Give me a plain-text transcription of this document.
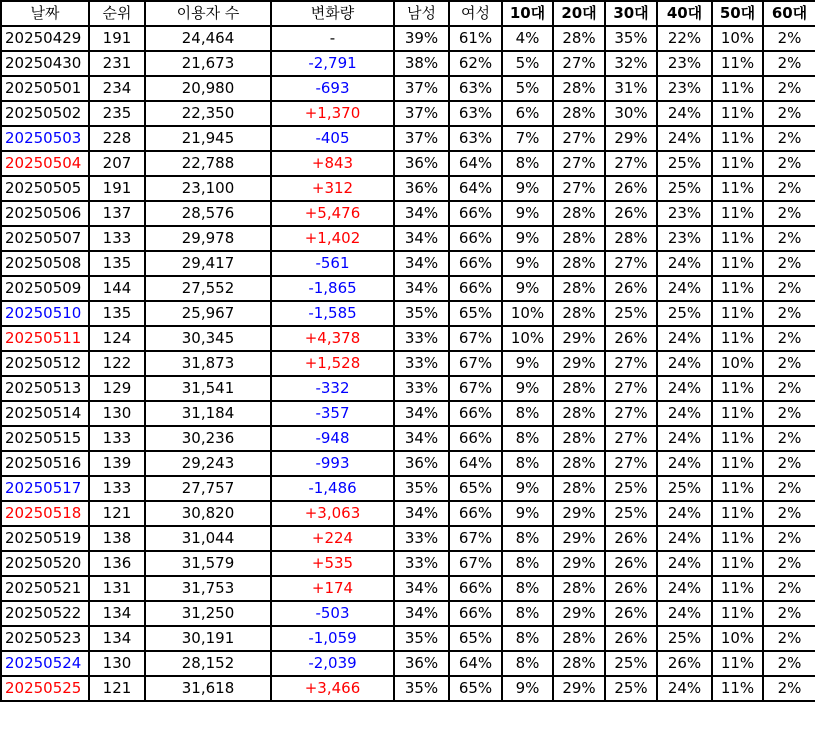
날짜	순위	이용자 수	변화량	남성	여성	10대	20대	30대	40대	50대	60대
20250429	191	24,464	-	39%	61%	4%	28%	35%	22%	10%	2%
20250430	231	21,673	-2,791	38%	62%	5%	27%	32%	23%	11%	2%
20250501	234	20,980	-693	37%	63%	5%	28%	31%	23%	11%	2%
20250502	235	22,350	+1,370	37%	63%	6%	28%	30%	24%	11%	2%
20250503	228	21,945	-405	37%	63%	7%	27%	29%	24%	11%	2%
20250504	207	22,788	+843	36%	64%	8%	27%	27%	25%	11%	2%
20250505	191	23,100	+312	36%	64%	9%	27%	26%	25%	11%	2%
20250506	137	28,576	+5,476	34%	66%	9%	28%	26%	23%	11%	2%
20250507	133	29,978	+1,402	34%	66%	9%	28%	28%	23%	11%	2%
20250508	135	29,417	-561	34%	66%	9%	28%	27%	24%	11%	2%
20250509	144	27,552	-1,865	34%	66%	9%	28%	26%	24%	11%	2%
20250510	135	25,967	-1,585	35%	65%	10%	28%	25%	25%	11%	2%
20250511	124	30,345	+4,378	33%	67%	10%	29%	26%	24%	11%	2%
20250512	122	31,873	+1,528	33%	67%	9%	29%	27%	24%	10%	2%
20250513	129	31,541	-332	33%	67%	9%	28%	27%	24%	11%	2%
20250514	130	31,184	-357	34%	66%	8%	28%	27%	24%	11%	2%
20250515	133	30,236	-948	34%	66%	8%	28%	27%	24%	11%	2%
20250516	139	29,243	-993	36%	64%	8%	28%	27%	24%	11%	2%
20250517	133	27,757	-1,486	35%	65%	9%	28%	25%	25%	11%	2%
20250518	121	30,820	+3,063	34%	66%	9%	29%	25%	24%	11%	2%
20250519	138	31,044	+224	33%	67%	8%	29%	26%	24%	11%	2%
20250520	136	31,579	+535	33%	67%	8%	29%	26%	24%	11%	2%
20250521	131	31,753	+174	34%	66%	8%	28%	26%	24%	11%	2%
20250522	134	31,250	-503	34%	66%	8%	29%	26%	24%	11%	2%
20250523	134	30,191	-1,059	35%	65%	8%	28%	26%	25%	10%	2%
20250524	130	28,152	-2,039	36%	64%	8%	28%	25%	26%	11%	2%
20250525	121	31,618	+3,466	35%	65%	9%	29%	25%	24%	11%	2%
